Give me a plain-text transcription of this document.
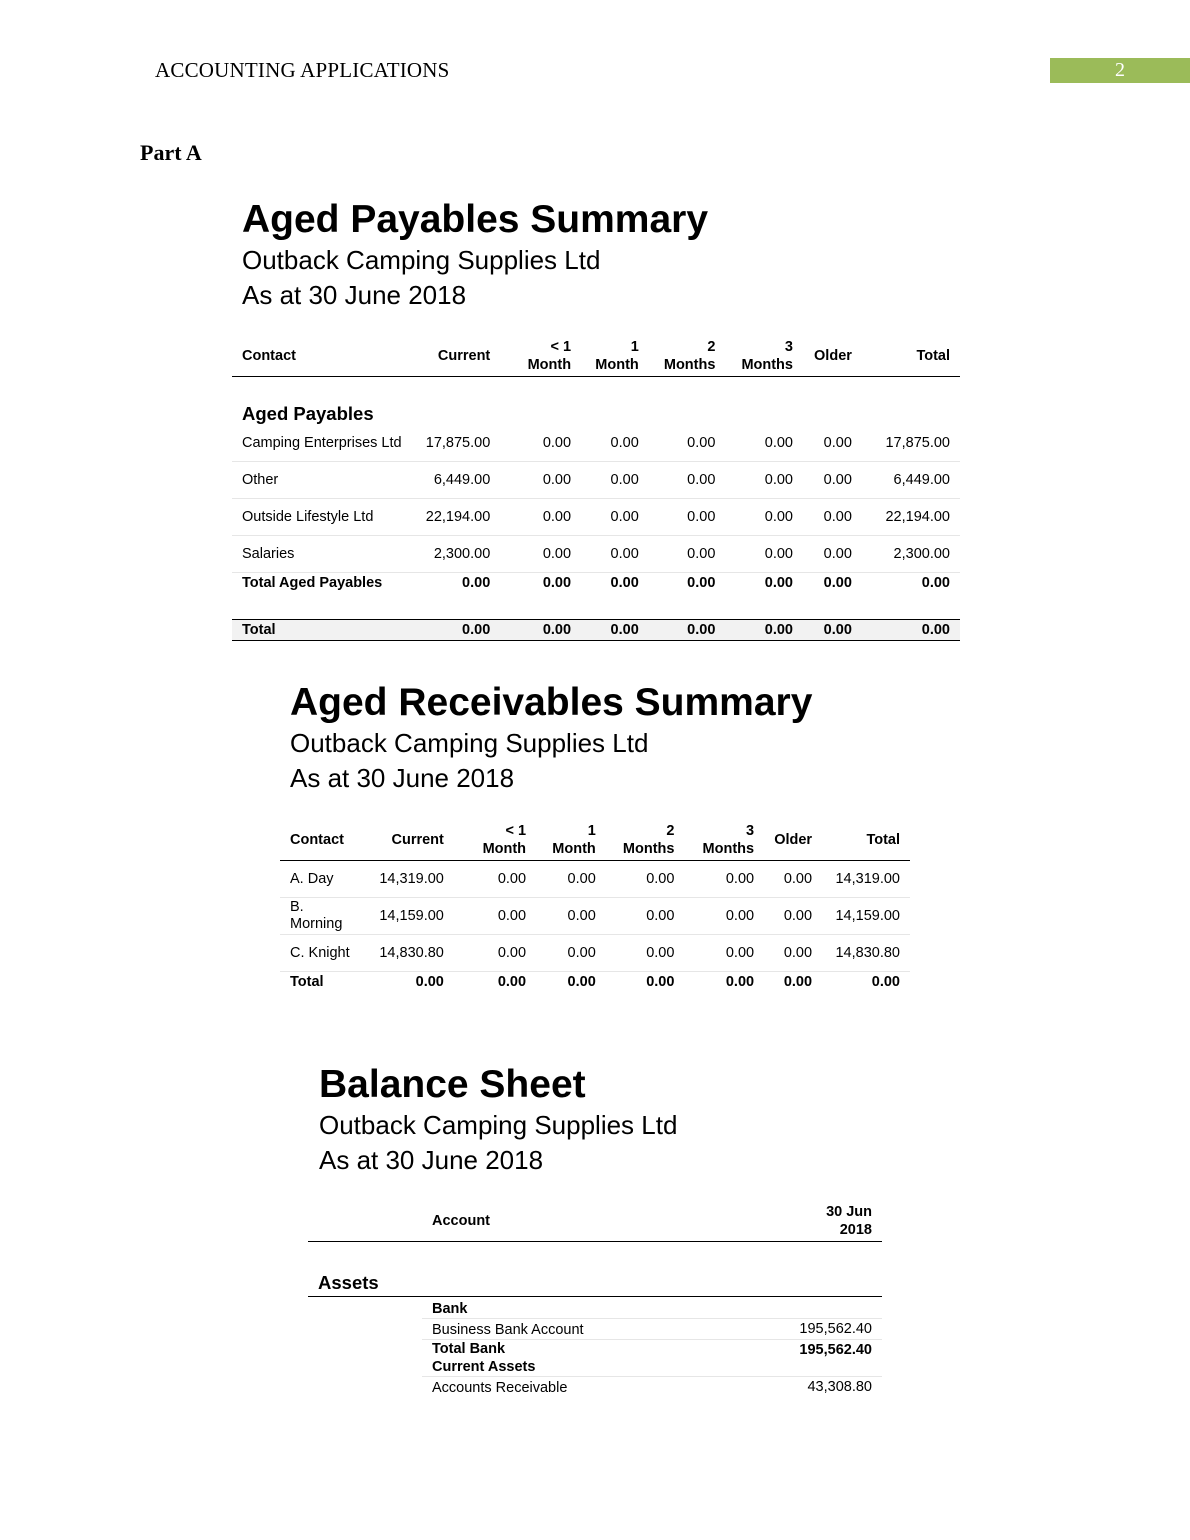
ACCOUNTING APPLICATIONS	2
Part A
Aged Payables Summary
Outback Camping Supplies Ltd
As at 30 June 2018
Contact	Current	< 1 Month	1 Month	2 Months	3 Months	Older	Total

Aged Payables							
Camping Enterprises Ltd	17,875.00	0.00	0.00	0.00	0.00	0.00	17,875.00
Other	6,449.00	0.00	0.00	0.00	0.00	0.00	6,449.00
Outside Lifestyle Ltd	22,194.00	0.00	0.00	0.00	0.00	0.00	22,194.00
Salaries	2,300.00	0.00	0.00	0.00	0.00	0.00	2,300.00
Total Aged Payables	0.00	0.00	0.00	0.00	0.00	0.00	0.00

Total	0.00	0.00	0.00	0.00	0.00	0.00	0.00
Aged Receivables Summary
Outback Camping Supplies Ltd
As at 30 June 2018
Contact	Current	< 1 Month	1 Month	2 Months	3 Months	Older	Total
A. Day	14,319.00	0.00	0.00	0.00	0.00	0.00	14,319.00
B. Morning	14,159.00	0.00	0.00	0.00	0.00	0.00	14,159.00
C. Knight	14,830.80	0.00	0.00	0.00	0.00	0.00	14,830.80
Total	0.00	0.00	0.00	0.00	0.00	0.00	0.00
Balance Sheet
Outback Camping Supplies Ltd
As at 30 June 2018
	Account	30 Jun 2018

Assets		
	Bank	
	Business Bank Account	195,562.40
	Total Bank	195,562.40
	Current Assets	
	Accounts Receivable	43,308.80
